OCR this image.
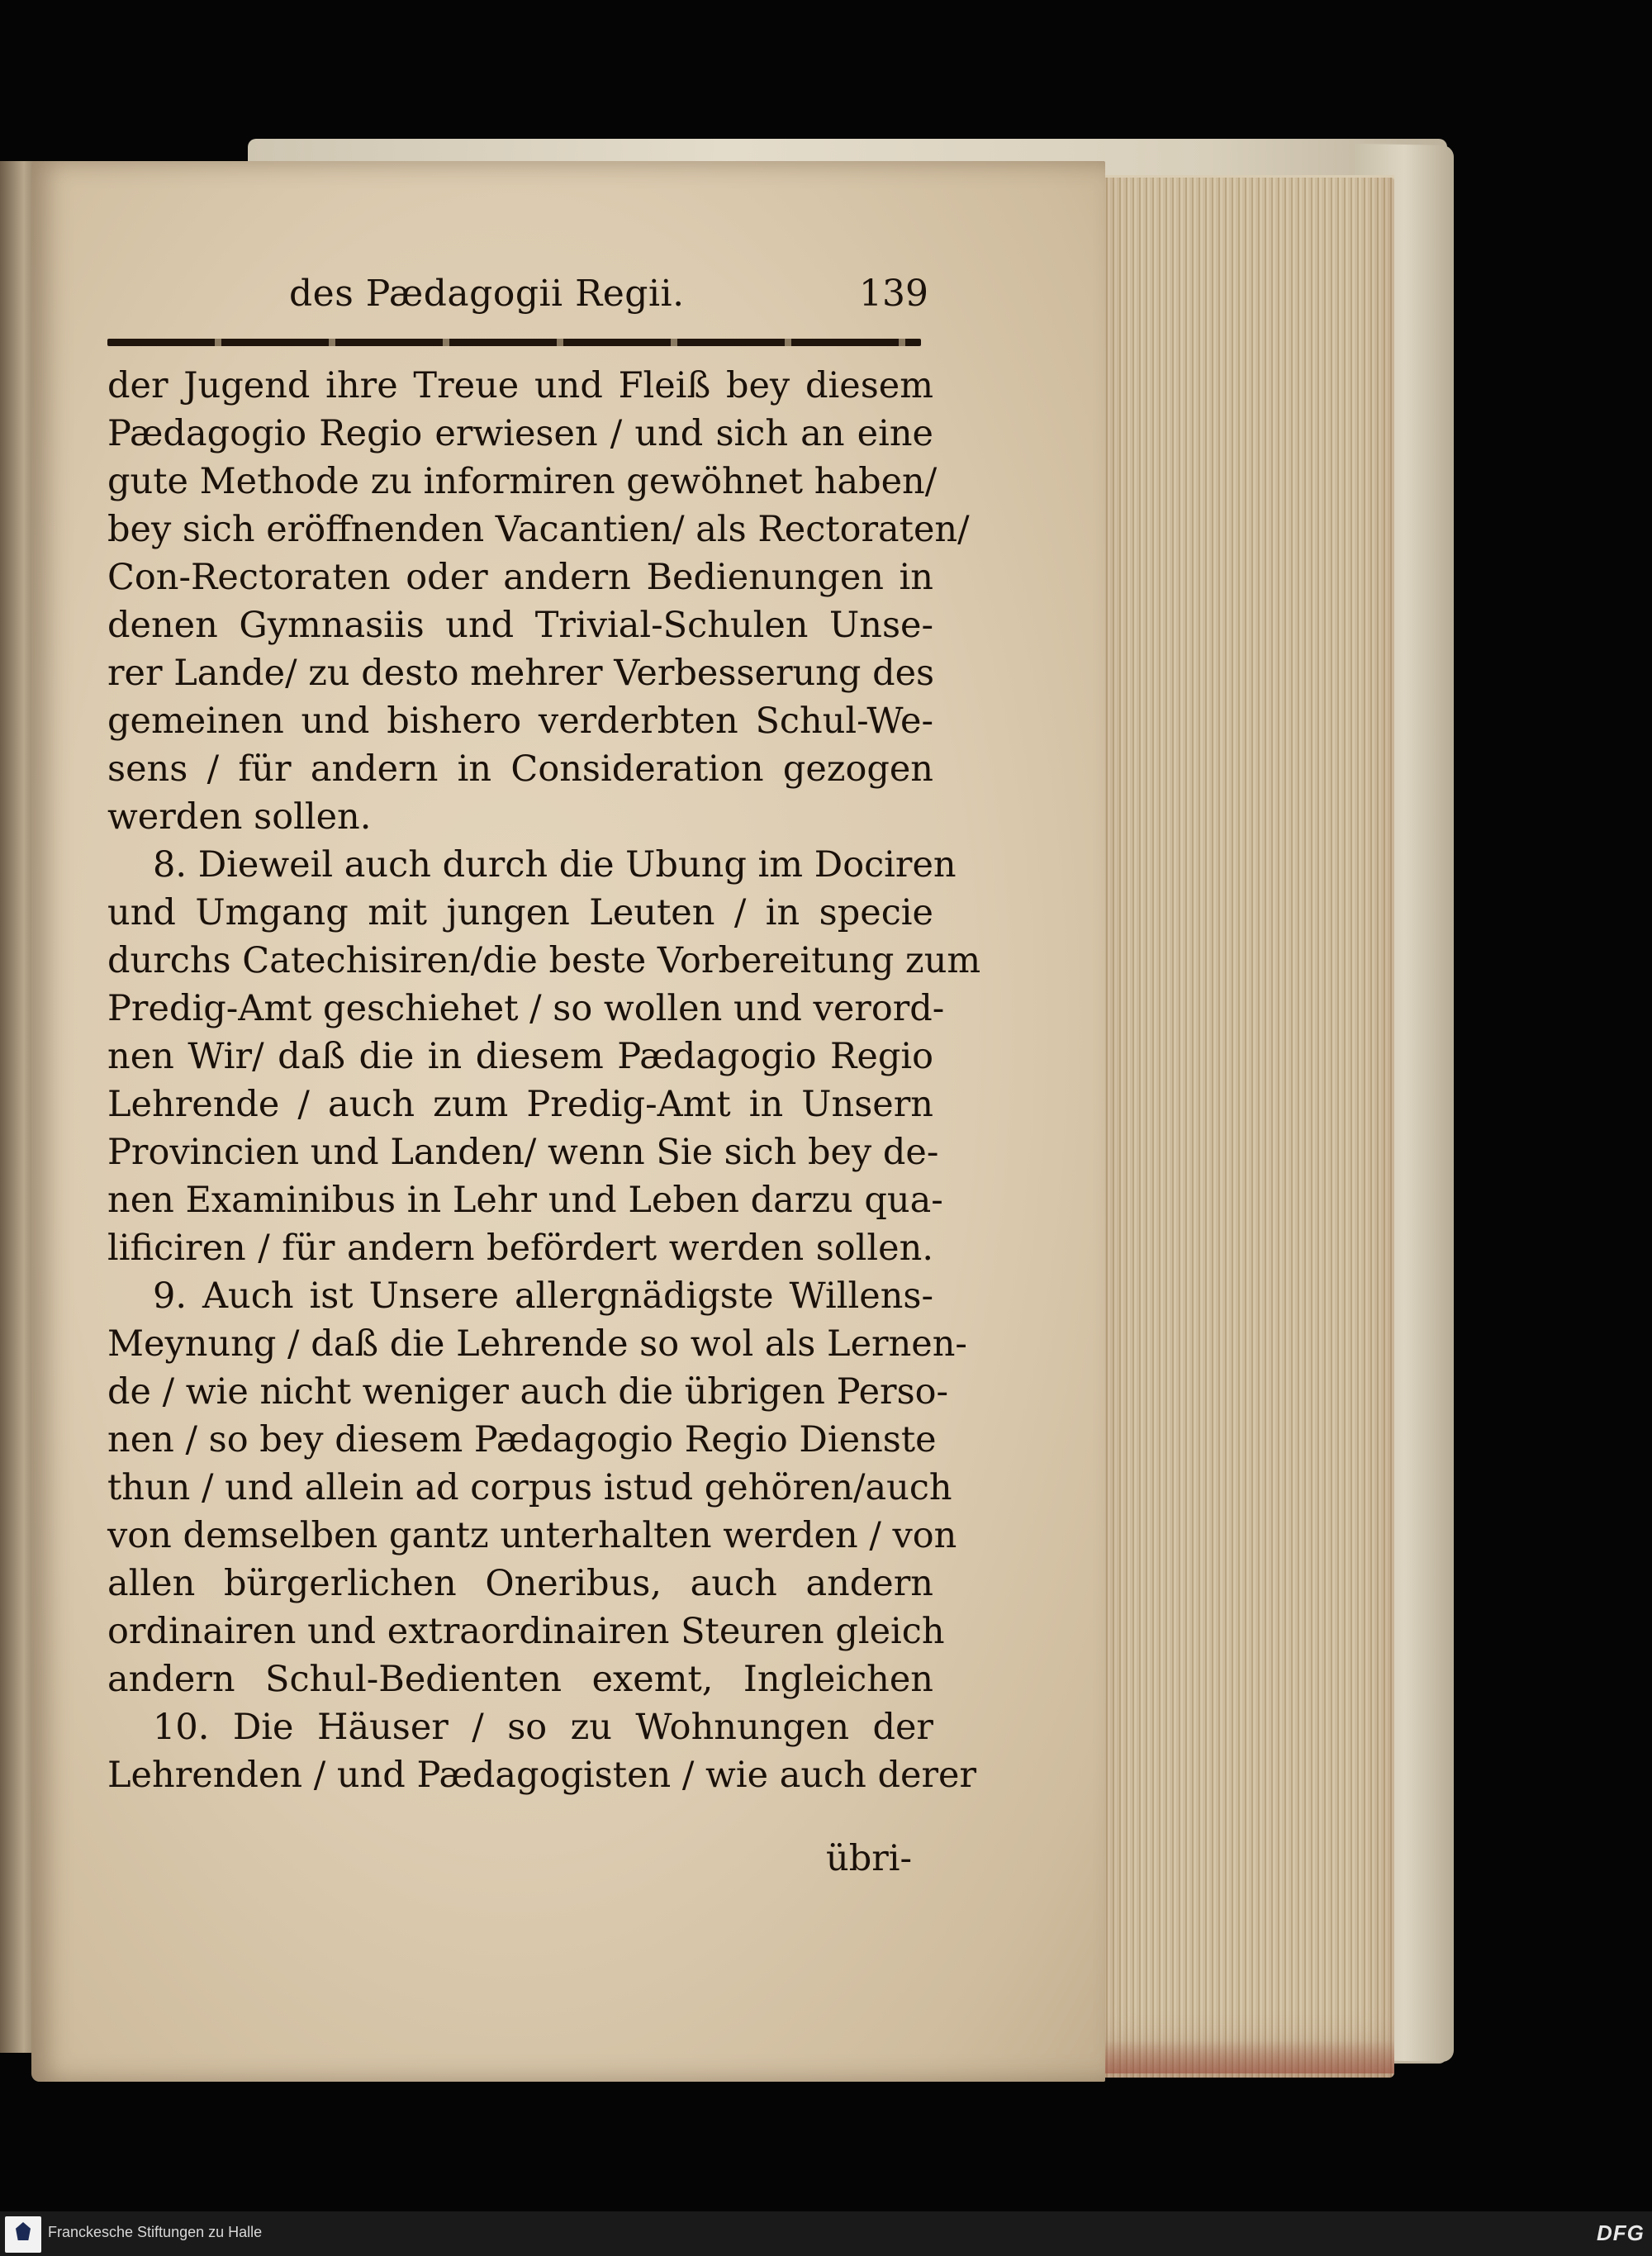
des Pædagogii Regii.	139
der Jugend ihre Treue und Fleiß bey diesem
Pædagogio Regio erwiesen / und sich an eine
gute Methode zu informiren gewöhnet haben/
bey sich eröffnenden Vacantien/ als Rectoraten/
Con-Rectoraten oder andern Bedienungen in
denen Gymnasiis und Trivial-Schulen Unse-
rer Lande/ zu desto mehrer Verbesserung des
gemeinen und bishero verderbten Schul-We-
sens / für andern in Consideration gezogen
werden sollen.
8. Dieweil auch durch die Ubung im Dociren
und Umgang mit jungen Leuten / in specie
durchs Catechisiren/die beste Vorbereitung zum
Predig-Amt geschiehet / so wollen und verord-
nen Wir/ daß die in diesem Pædagogio Regio
Lehrende / auch zum Predig-Amt in Unsern
Provincien und Landen/ wenn Sie sich bey de-
nen Examinibus in Lehr und Leben darzu qua-
lificiren / für andern befördert werden sollen.
9. Auch ist Unsere allergnädigste Willens-
Meynung / daß die Lehrende so wol als Lernen-
de / wie nicht weniger auch die übrigen Perso-
nen / so bey diesem Pædagogio Regio Dienste
thun / und allein ad corpus istud gehören/auch
von demselben gantz unterhalten werden / von
allen bürgerlichen Oneribus, auch andern
ordinairen und extraordinairen Steuren gleich
andern Schul-Bedienten exemt, Ingleichen
10. Die Häuser / so zu Wohnungen der
Lehrenden / und Pædagogisten / wie auch derer
übri-
Franckesche Stiftungen zu Halle	DFG
